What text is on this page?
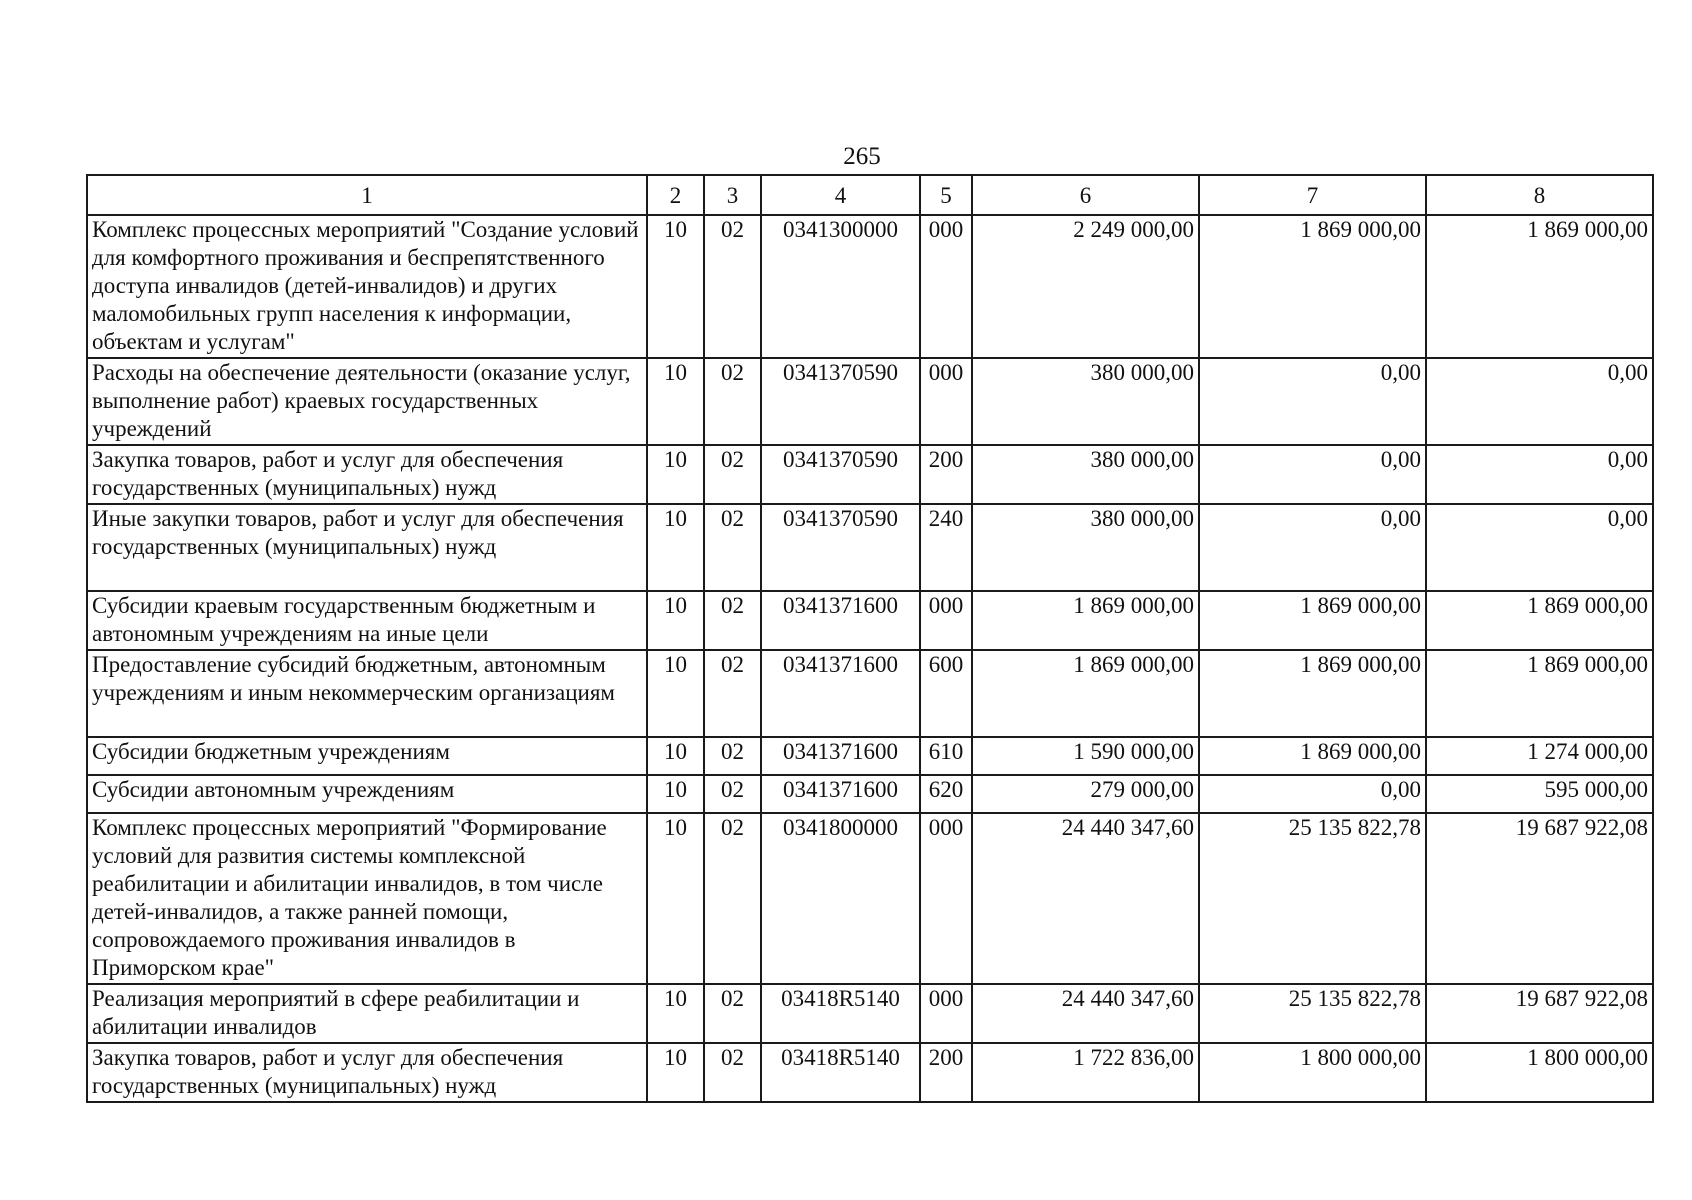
265
1	2	3	4	5	6	7	8
Комплекс процессных мероприятий "Создание условий для комфортного проживания и беспрепятственного доступа инвалидов (детей-инвалидов) и других маломобильных групп населения к информации, объектам и услугам"	10	02	0341300000	000	2 249 000,00	1 869 000,00	1 869 000,00
Расходы на обеспечение деятельности (оказание услуг, выполнение работ) краевых государственных учреждений	10	02	0341370590	000	380 000,00	0,00	0,00
Закупка товаров, работ и услуг для обеспечения государственных (муниципальных) нужд	10	02	0341370590	200	380 000,00	0,00	0,00
Иные закупки товаров, работ и услуг для обеспечения государственных (муниципальных) нужд	10	02	0341370590	240	380 000,00	0,00	0,00
Субсидии краевым государственным бюджетным и автономным учреждениям на иные цели	10	02	0341371600	000	1 869 000,00	1 869 000,00	1 869 000,00
Предоставление субсидий бюджетным, автономным учреждениям и иным некоммерческим организациям	10	02	0341371600	600	1 869 000,00	1 869 000,00	1 869 000,00
Субсидии бюджетным учреждениям	10	02	0341371600	610	1 590 000,00	1 869 000,00	1 274 000,00
Субсидии автономным учреждениям	10	02	0341371600	620	279 000,00	0,00	595 000,00
Комплекс процессных мероприятий "Формирование условий для развития системы комплексной реабилитации и абилитации инвалидов, в том числе детей-инвалидов, а также ранней помощи, сопровождаемого проживания инвалидов в Приморском крае"	10	02	0341800000	000	24 440 347,60	25 135 822,78	19 687 922,08
Реализация мероприятий в сфере реабилитации и абилитации инвалидов	10	02	03418R5140	000	24 440 347,60	25 135 822,78	19 687 922,08
Закупка товаров, работ и услуг для обеспечения государственных (муниципальных) нужд	10	02	03418R5140	200	1 722 836,00	1 800 000,00	1 800 000,00
